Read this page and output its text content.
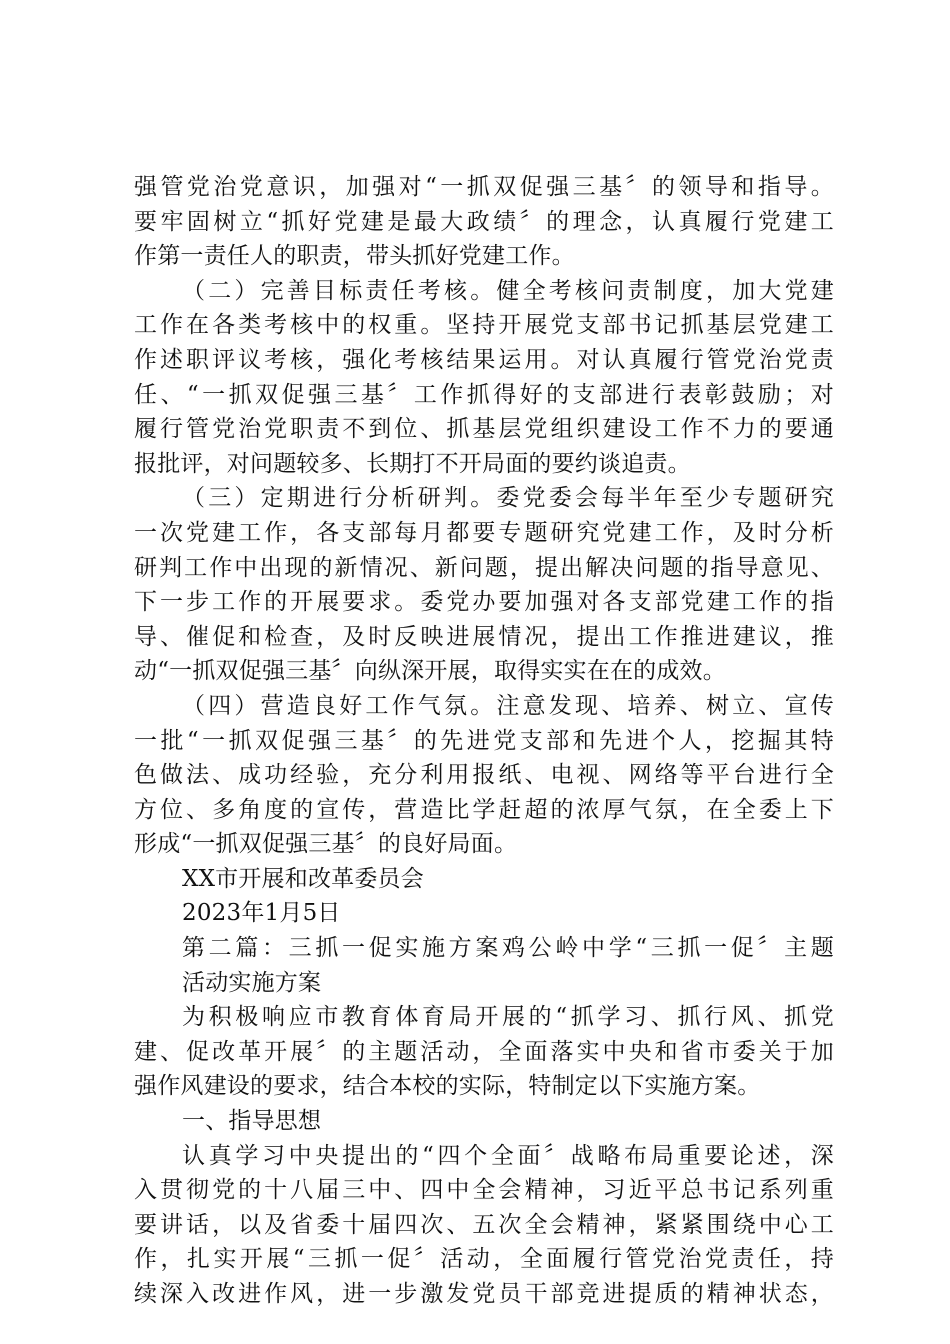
强管党治党意识，加强对“一抓双促强三基〞的领导和指导。
要牢固树立“抓好党建是最大政绩〞的理念，认真履行党建工
作第一责任人的职责，带头抓好党建工作。
（二）完善目标责任考核。健全考核问责制度，加大党建
工作在各类考核中的权重。坚持开展党支部书记抓基层党建工
作述职评议考核，强化考核结果运用。对认真履行管党治党责
任、“一抓双促强三基〞工作抓得好的支部进行表彰鼓励；对
履行管党治党职责不到位、抓基层党组织建设工作不力的要通
报批评，对问题较多、长期打不开局面的要约谈追责。
（三）定期进行分析研判。委党委会每半年至少专题研究
一次党建工作，各支部每月都要专题研究党建工作，及时分析
研判工作中出现的新情况、新问题，提出解决问题的指导意见、
下一步工作的开展要求。委党办要加强对各支部党建工作的指
导、催促和检查，及时反映进展情况，提出工作推进建议，推
动“一抓双促强三基〞向纵深开展，取得实实在在的成效。
（四）营造良好工作气氛。注意发现、培养、树立、宣传
一批“一抓双促强三基〞的先进党支部和先进个人，挖掘其特
色做法、成功经验，充分利用报纸、电视、网络等平台进行全
方位、多角度的宣传，营造比学赶超的浓厚气氛，在全委上下
形成“一抓双促强三基〞的良好局面。
XX市开展和改革委员会
2023年1月5日
第二篇：三抓一促实施方案鸡公岭中学“三抓一促〞主题
活动实施方案
为积极响应市教育体育局开展的“抓学习、抓行风、抓党
建、促改革开展〞的主题活动，全面落实中央和省市委关于加
强作风建设的要求，结合本校的实际，特制定以下实施方案。
一、指导思想
认真学习中央提出的“四个全面〞战略布局重要论述，深
入贯彻党的十八届三中、四中全会精神，习近平总书记系列重
要讲话，以及省委十届四次、五次全会精神，紧紧围绕中心工
作，扎实开展“三抓一促〞活动，全面履行管党治党责任，持
续深入改进作风，进一步激发党员干部竞进提质的精神状态，
